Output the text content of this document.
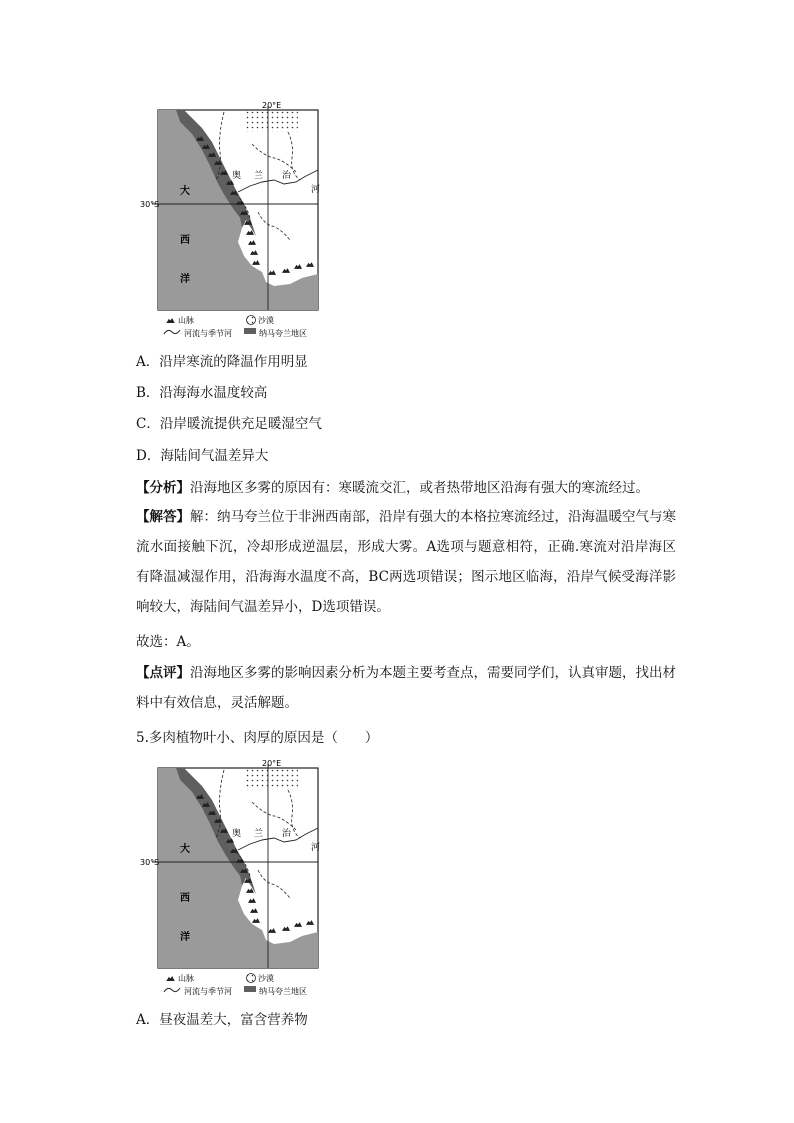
20°E
30°S
大
西
洋
奥 兰 治
河
山脉	沙漠
河流与季节河	纳马夸兰地区
A．沿岸寒流的降温作用明显
B．沿海海水温度较高
C．沿岸暖流提供充足暖湿空气
D．海陆间气温差异大
【分析】沿海地区多雾的原因有：寒暖流交汇，或者热带地区沿海有强大的寒流经过。
【解答】解：纳马夸兰位于非洲西南部，沿岸有强大的本格拉寒流经过，沿海温暖空气与寒流水面接触下沉，冷却形成逆温层，形成大雾。A选项与题意相符，正确.寒流对沿岸海区有降温减湿作用，沿海海水温度不高，BC两选项错误；图示地区临海，沿岸气候受海洋影响较大，海陆间气温差异小，D选项错误。
故选：A。
【点评】沿海地区多雾的影响因素分析为本题主要考查点，需要同学们，认真审题，找出材料中有效信息，灵活解题。
5.多肉植物叶小、肉厚的原因是（　　）
20°E
30°S
大
西
洋
奥 兰 治
河
山脉	沙漠
河流与季节河	纳马夸兰地区
A．昼夜温差大，富含营养物
